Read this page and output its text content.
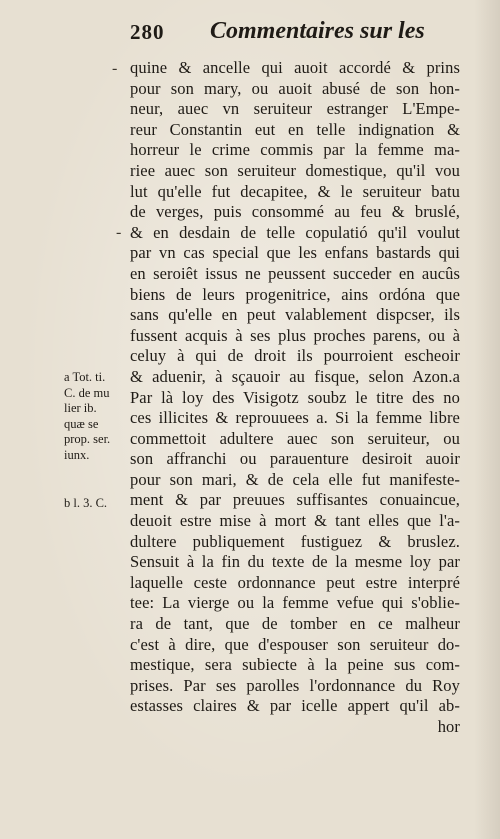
280 Commentaires sur les
-
-
quine & ancelle qui auoit accordé & prins
pour son mary, ou auoit abusé de son hon-
neur, auec vn seruiteur estranger L'Empe-
reur Constantin eut en telle indignation &
horreur le crime commis par la femme ma-
riee auec son seruiteur domestique, qu'il vou
lut qu'elle fut decapitee, & le seruiteur batu
de verges, puis consommé au feu & bruslé,
& en desdain de telle copulatió qu'il voulut
par vn cas special que les enfans bastards qui
en seroiêt issus ne peussent succeder en aucûs
biens de leurs progenitrice, ains ordóna que
sans qu'elle en peut valablement dispcser, ils
fussent acquis à ses plus proches parens, ou à
celuy à qui de droit ils pourroient escheoir
& aduenir, à sçauoir au fisque, selon Azon.a
Par là loy des Visigotz soubz le titre des no
ces illicites & reprouuees a. Si la femme libre
commettoit adultere auec son seruiteur, ou
son affranchi ou parauenture desiroit auoir
pour son mari, & de cela elle fut manifeste-
ment & par preuues suffisantes conuaincue,
deuoit estre mise à mort & tant elles que l'a-
dultere publiquement fustiguez & bruslez.
Sensuit à la fin du texte de la mesme loy par
laquelle ceste ordonnance peut estre interpré
tee: La vierge ou la femme vefue qui s'oblie-
ra de tant, que de tomber en ce malheur
c'est à dire, que d'espouser son seruiteur do-
mestique, sera subiecte à la peine sus com-
prises. Par ses parolles l'ordonnance du Roy
estasses claires & par icelle appert qu'il ab-
hor
a Tot. ti.
C. de mu
lier ib.
quæ se
prop. ser.
iunx.
b l. 3. C.
